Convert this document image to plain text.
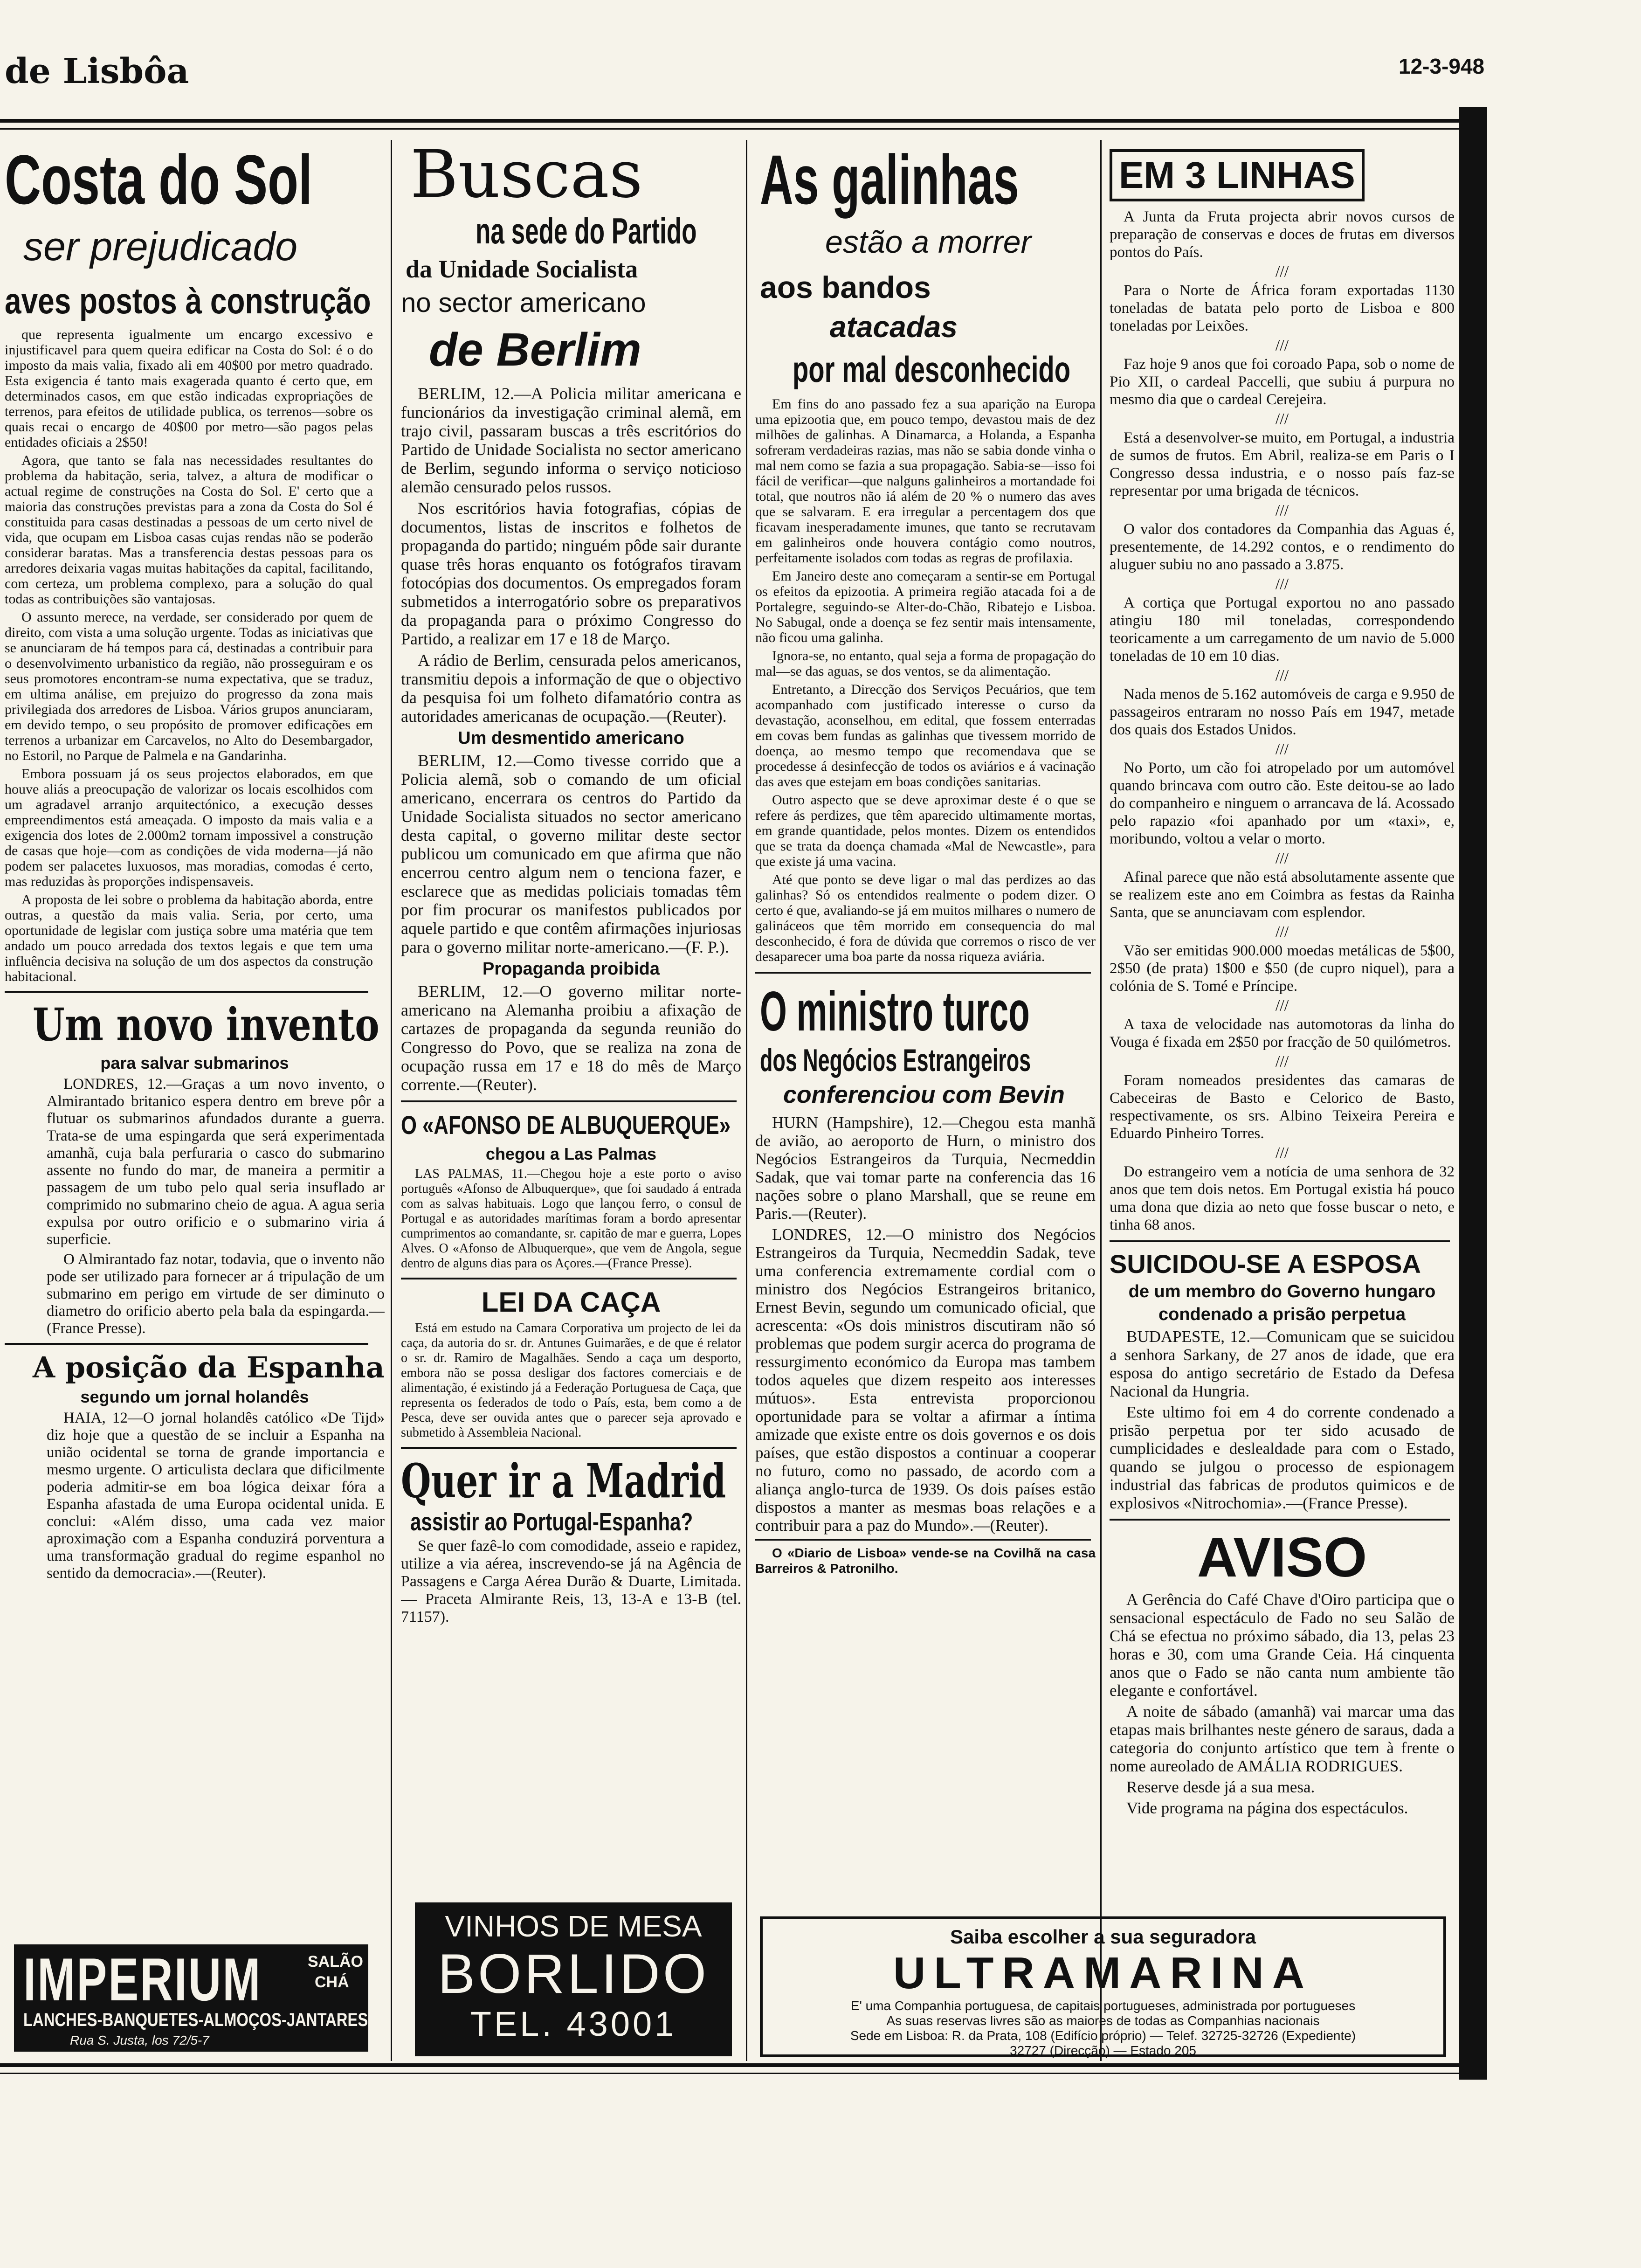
de Lisbôa	12-3-948
Costa do Sol
ser prejudicado
aves postos à construção

que representa igualmente um encargo excessivo e injustificavel para quem queira edificar na Costa do Sol: é o do imposto da mais valia, fixado ali em 40$00 por metro quadrado. Esta exigencia é tanto mais exagerada quanto é certo que, em determinados casos, em que estão indicadas expropriações de terrenos, para efeitos de utilidade publica, os terrenos—sobre os quais recai o encargo de 40$00 por metro—são pagos pelas entidades oficiais a 2$50!

Agora, que tanto se fala nas necessidades resultantes do problema da habitação, seria, talvez, a altura de modificar o actual regime de construções na Costa do Sol. E' certo que a maioria das construções previstas para a zona da Costa do Sol é constituida para casas destinadas a pessoas de um certo nivel de vida, que ocupam em Lisboa casas cujas rendas não se poderão considerar baratas. Mas a transferencia destas pessoas para os arredores deixaria vagas muitas habitações da capital, facilitando, com certeza, um problema complexo, para a solução do qual todas as contribuições são vantajosas.

O assunto merece, na verdade, ser considerado por quem de direito, com vista a uma solução urgente. Todas as iniciativas que se anunciaram de há tempos para cá, destinadas a contribuir para o desenvolvimento urbanistico da região, não prosseguiram e os seus promotores encontram-se numa expectativa, que se traduz, em ultima análise, em prejuizo do progresso da zona mais privilegiada dos arredores de Lisboa. Vários grupos anunciaram, em devido tempo, o seu propósito de promover edificações em terrenos a urbanizar em Carcavelos, no Alto do Desembargador, no Estoril, no Parque de Palmela e na Gandarinha.

Embora possuam já os seus projectos elaborados, em que houve aliás a preocupação de valorizar os locais escolhidos com um agradavel arranjo arquitectónico, a execução desses empreendimentos está ameaçada. O imposto da mais valia e a exigencia dos lotes de 2.000m2 tornam impossivel a construção de casas que hoje—com as condições de vida moderna—já não podem ser palacetes luxuosos, mas moradias, comodas é certo, mas reduzidas às proporções indispensaveis.

A proposta de lei sobre o problema da habitação aborda, entre outras, a questão da mais valia. Seria, por certo, uma oportunidade de legislar com justiça sobre uma matéria que tem andado um pouco arredada dos textos legais e que tem uma influência decisiva na solução de um dos aspectos da construção habitacional.

Um novo invento
para salvar submarinos

LONDRES, 12.—Graças a um novo invento, o Almirantado britanico espera dentro em breve pôr a flutuar os submarinos afundados durante a guerra. Trata-se de uma espingarda que será experimentada amanhã, cuja bala perfuraria o casco do submarino assente no fundo do mar, de maneira a permitir a passagem de um tubo pelo qual seria insuflado ar comprimido no submarino cheio de agua. A agua seria expulsa por outro orificio e o submarino viria á superficie.

O Almirantado faz notar, todavia, que o invento não pode ser utilizado para fornecer ar á tripulação de um submarino em perigo em virtude de ser diminuto o diametro do orificio aberto pela bala da espingarda.—(France Presse).

A posição da Espanha
segundo um jornal holandês

HAIA, 12—O jornal holandês católico «De Tijd» diz hoje que a questão de se incluir a Espanha na união ocidental se torna de grande importancia e mesmo urgente. O articulista declara que dificilmente poderia admitir-se em boa lógica deixar fóra a Espanha afastada de uma Europa ocidental unida. E conclui: «Além disso, uma cada vez maior aproximação com a Espanha conduzirá porventura a uma transformação gradual do regime espanhol no sentido da democracia».—(Reuter).

IMPERIUM	SALÃO
CHÁ
LANCHES-BANQUETES-ALMOÇOS-JANTARES
Rua S. Justa, los 72/5-7
Buscas
na sede do Partido
da Unidade Socialista
no sector americano
de Berlim

BERLIM, 12.—A Policia militar americana e funcionários da investigação criminal alemã, em trajo civil, passaram buscas a três escritórios do Partido de Unidade Socialista no sector americano de Berlim, segundo informa o serviço noticioso alemão censurado pelos russos.

Nos escritórios havia fotografias, cópias de documentos, listas de inscritos e folhetos de propaganda do partido; ninguém pôde sair durante quase três horas enquanto os fotógrafos tiravam fotocópias dos documentos. Os empregados foram submetidos a interrogatório sobre os preparativos da propaganda para o próximo Congresso do Partido, a realizar em 17 e 18 de Março.

A rádio de Berlim, censurada pelos americanos, transmitiu depois a informação de que o objectivo da pesquisa foi um folheto difamatório contra as autoridades americanas de ocupação.—(Reuter).

Um desmentido americano

BERLIM, 12.—Como tivesse corrido que a Policia alemã, sob o comando de um oficial americano, encerrara os centros do Partido da Unidade Socialista situados no sector americano desta capital, o governo militar deste sector publicou um comunicado em que afirma que não encerrou centro algum nem o tenciona fazer, e esclarece que as medidas policiais tomadas têm por fim procurar os manifestos publicados por aquele partido e que contêm afirmações injuriosas para o governo militar norte-americano.—(F. P.).

Propaganda proibida

BERLIM, 12.—O governo militar norte-americano na Alemanha proibiu a afixação de cartazes de propaganda da segunda reunião do Congresso do Povo, que se realiza na zona de ocupação russa em 17 e 18 do mês de Março corrente.—(Reuter).

O «AFONSO DE ALBUQUERQUE»
chegou a Las Palmas

LAS PALMAS, 11.—Chegou hoje a este porto o aviso português «Afonso de Albuquerque», que foi saudado á entrada com as salvas habituais. Logo que lançou ferro, o consul de Portugal e as autoridades marítimas foram a bordo apresentar cumprimentos ao comandante, sr. capitão de mar e guerra, Lopes Alves. O «Afonso de Albuquerque», que vem de Angola, segue dentro de alguns dias para os Açores.—(France Presse).

LEI DA CAÇA

Está em estudo na Camara Corporativa um projecto de lei da caça, da autoria do sr. dr. Antunes Guimarães, e de que é relator o sr. dr. Ramiro de Magalhães. Sendo a caça um desporto, embora não se possa desligar dos factores comerciais e de alimentação, é existindo já a Federação Portuguesa de Caça, que representa os federados de todo o País, esta, bem como a de Pesca, deve ser ouvida antes que o parecer seja aprovado e submetido à Assembleia Nacional.

Quer ir a Madrid
assistir ao Portugal-Espanha?

Se quer fazê-lo com comodidade, asseio e rapidez, utilize a via aérea, inscrevendo-se já na Agência de Passagens e Carga Aérea Durão & Duarte, Limitada. — Praceta Almirante Reis, 13, 13-A e 13-B (tel. 71157).

VINHOS DE MESA
BORLIDO
TEL. 43001
As galinhas
estão a morrer
aos bandos
atacadas
por mal desconhecido

Em fins do ano passado fez a sua aparição na Europa uma epizootia que, em pouco tempo, devastou mais de dez milhões de galinhas. A Dinamarca, a Holanda, a Espanha sofreram verdadeiras razias, mas não se sabia donde vinha o mal nem como se fazia a sua propagação. Sabia-se—isso foi fácil de verificar—que nalguns galinheiros a mortandade foi total, que noutros não iá além de 20 % o numero das aves que se salvaram. E era irregular a percentagem dos que ficavam inesperadamente imunes, que tanto se recrutavam em galinheiros onde houvera contágio como noutros, perfeitamente isolados com todas as regras de profilaxia.

Em Janeiro deste ano começaram a sentir-se em Portugal os efeitos da epizootia. A primeira região atacada foi a de Portalegre, seguindo-se Alter-do-Chão, Ribatejo e Lisboa. No Sabugal, onde a doença se fez sentir mais intensamente, não ficou uma galinha.

Ignora-se, no entanto, qual seja a forma de propagação do mal—se das aguas, se dos ventos, se da alimentação.

Entretanto, a Direcção dos Serviços Pecuários, que tem acompanhado com justificado interesse o curso da devastação, aconselhou, em edital, que fossem enterradas em covas bem fundas as galinhas que tivessem morrido de doença, ao mesmo tempo que recomendava que se procedesse á desinfecção de todos os aviários e á vacinação das aves que estejam em boas condições sanitarias.

Outro aspecto que se deve aproximar deste é o que se refere ás perdizes, que têm aparecido ultimamente mortas, em grande quantidade, pelos montes. Dizem os entendidos que se trata da doença chamada «Mal de Newcastle», para que existe já uma vacina.

Até que ponto se deve ligar o mal das perdizes ao das galinhas? Só os entendidos realmente o podem dizer. O certo é que, avaliando-se já em muitos milhares o numero de galináceos que têm morrido em consequencia do mal desconhecido, é fora de dúvida que corremos o risco de ver desaparecer uma boa parte da nossa riqueza aviária.

O ministro turco
dos Negócios Estrangeiros
conferenciou com Bevin

HURN (Hampshire), 12.—Chegou esta manhã de avião, ao aeroporto de Hurn, o ministro dos Negócios Estrangeiros da Turquia, Necmeddin Sadak, que vai tomar parte na conferencia das 16 nações sobre o plano Marshall, que se reune em Paris.—(Reuter).

LONDRES, 12.—O ministro dos Negócios Estrangeiros da Turquia, Necmeddin Sadak, teve uma conferencia extremamente cordial com o ministro dos Negócios Estrangeiros britanico, Ernest Bevin, segundo um comunicado oficial, que acrescenta: «Os dois ministros discutiram não só problemas que podem surgir acerca do programa de ressurgimento económico da Europa mas tambem todos aqueles que dizem respeito aos interesses mútuos». Esta entrevista proporcionou oportunidade para se voltar a afirmar a íntima amizade que existe entre os dois governos e os dois países, que estão dispostos a continuar a cooperar no futuro, como no passado, de acordo com a aliança anglo-turca de 1939. Os dois países estão dispostos a manter as mesmas boas relações e a contribuir para a paz do Mundo».—(Reuter).

O «Diario de Lisboa» vende-se na Covilhã na casa Barreiros & Patronilho.

EM 3 LINHAS

A Junta da Fruta projecta abrir novos cursos de preparação de conservas e doces de frutas em diversos pontos do País.

///

Para o Norte de África foram exportadas 1130 toneladas de batata pelo porto de Lisboa e 800 toneladas por Leixões.

///

Faz hoje 9 anos que foi coroado Papa, sob o nome de Pio XII, o cardeal Paccelli, que subiu á purpura no mesmo dia que o cardeal Cerejeira.

///

Está a desenvolver-se muito, em Portugal, a industria de sumos de frutos. Em Abril, realiza-se em Paris o I Congresso dessa industria, e o nosso país faz-se representar por uma brigada de técnicos.

///

O valor dos contadores da Companhia das Aguas é, presentemente, de 14.292 contos, e o rendimento do aluguer subiu no ano passado a 3.875.

///

A cortiça que Portugal exportou no ano passado atingiu 180 mil toneladas, correspondendo teoricamente a um carregamento de um navio de 5.000 toneladas de 10 em 10 dias.

///

Nada menos de 5.162 automóveis de carga e 9.950 de passageiros entraram no nosso País em 1947, metade dos quais dos Estados Unidos.

///

No Porto, um cão foi atropelado por um automóvel quando brincava com outro cão. Este deitou-se ao lado do companheiro e ninguem o arrancava de lá. Acossado pelo rapazio «foi apanhado por um «taxi», e, moribundo, voltou a velar o morto.

///

Afinal parece que não está absolutamente assente que se realizem este ano em Coimbra as festas da Rainha Santa, que se anunciavam com esplendor.

///

Vão ser emitidas 900.000 moedas metálicas de 5$00, 2$50 (de prata) 1$00 e $50 (de cupro niquel), para a colónia de S. Tomé e Príncipe.

///

A taxa de velocidade nas automotoras da linha do Vouga é fixada em 2$50 por fracção de 50 quilómetros.

///

Foram nomeados presidentes das camaras de Cabeceiras de Basto e Celorico de Basto, respectivamente, os srs. Albino Teixeira Pereira e Eduardo Pinheiro Torres.

///

Do estrangeiro vem a notícia de uma senhora de 32 anos que tem dois netos. Em Portugal existia há pouco uma dona que dizia ao neto que fosse buscar o neto, e tinha 68 anos.

SUICIDOU-SE A ESPOSA
de um membro do Governo hungaro
condenado a prisão perpetua

BUDAPESTE, 12.—Comunicam que se suicidou a senhora Sarkany, de 27 anos de idade, que era esposa do antigo secretário de Estado da Defesa Nacional da Hungria.

Este ultimo foi em 4 do corrente condenado a prisão perpetua por ter sido acusado de cumplicidades e deslealdade para com o Estado, quando se julgou o processo de espionagem industrial das fabricas de produtos quimicos e de explosivos «Nitrochomia».—(France Presse).

AVISO

A Gerência do Café Chave d'Oiro participa que o sensacional espectáculo de Fado no seu Salão de Chá se efectua no próximo sábado, dia 13, pelas 23 horas e 30, com uma Grande Ceia. Há cinquenta anos que o Fado se não canta num ambiente tão elegante e confortável.

A noite de sábado (amanhã) vai marcar uma das etapas mais brilhantes neste género de saraus, dada a categoria do conjunto artístico que tem à frente o nome aureolado de AMÁLIA RODRIGUES.

Reserve desde já a sua mesa.

Vide programa na página dos espectáculos.

Saiba escolher a sua seguradora
ULTRAMARINA
E' uma Companhia portuguesa, de capitais portugueses, administrada por portugueses
As suas reservas livres são as maiores de todas as Companhias nacionais
Sede em Lisboa: R. da Prata, 108 (Edifício próprio) — Telef. 32725-32726 (Expediente)
32727 (Direcção) — Estado 205
